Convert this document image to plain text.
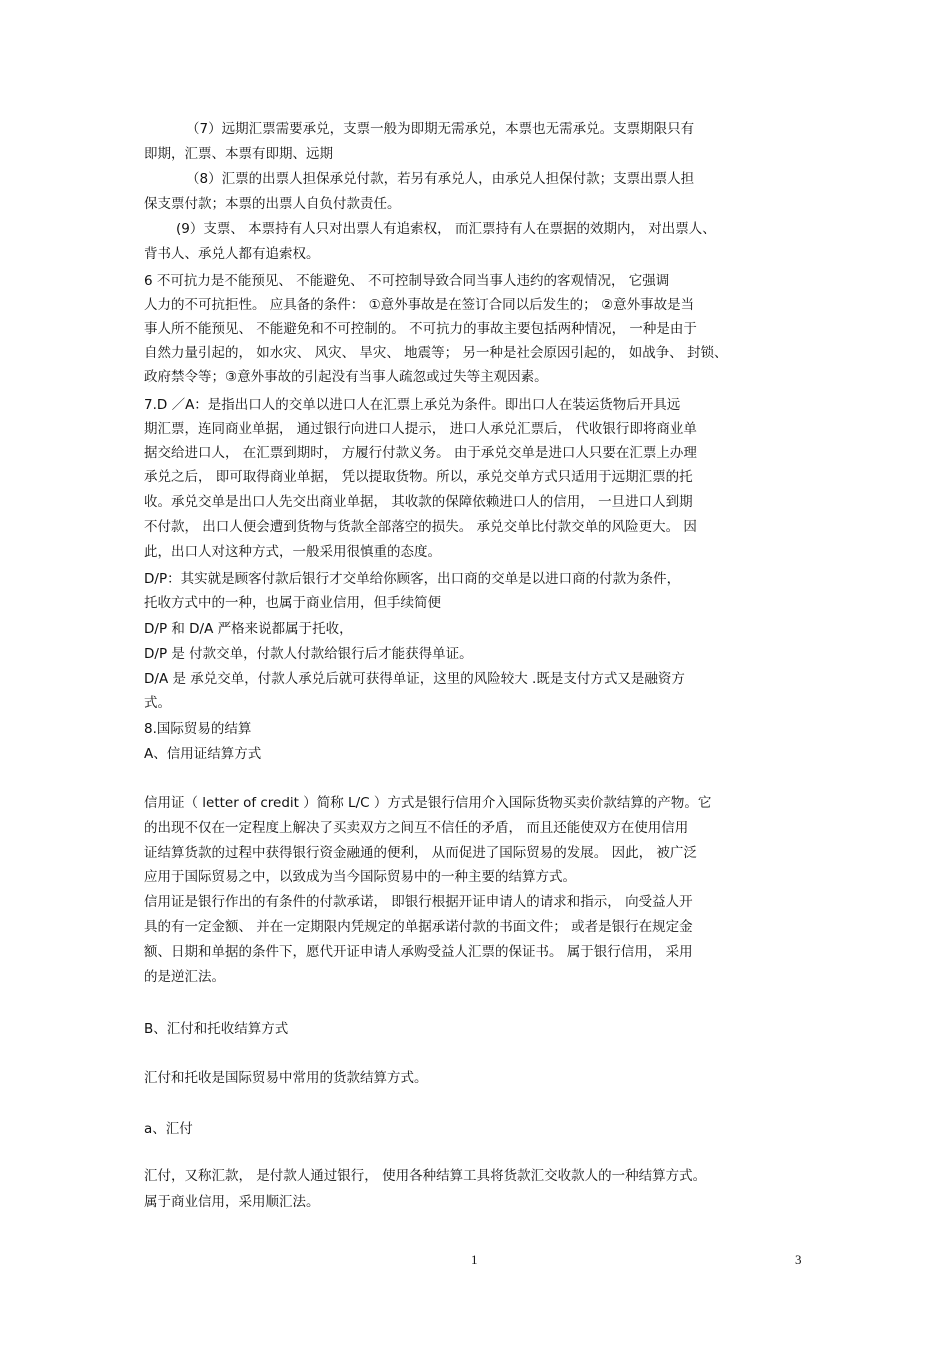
（7）远期汇票需要承兑，支票一般为即期无需承兑，本票也无需承兑。支票期限只有
即期，汇票、本票有即期、远期
（8）汇票的出票人担保承兑付款，若另有承兑人，由承兑人担保付款；支票出票人担
保支票付款；本票的出票人自负付款责任。
(9）支票、 本票持有人只对出票人有追索权， 而汇票持有人在票据的效期内， 对出票人、
背书人、承兑人都有追索权。
6 不可抗力是不能预见、 不能避免、 不可控制导致合同当事人违约的客观情况， 它强调
人力的不可抗拒性。 应具备的条件： ①意外事故是在签订合同以后发生的； ②意外事故是当
事人所不能预见、 不能避免和不可控制的。 不可抗力的事故主要包括两种情况， 一种是由于
自然力量引起的， 如水灾、 风灾、 旱灾、 地震等； 另一种是社会原因引起的， 如战争、 封锁、
政府禁令等；③意外事故的引起没有当事人疏忽或过失等主观因素。
7.D ／A：是指出口人的交单以进口人在汇票上承兑为条件。即出口人在装运货物后开具远
期汇票，连同商业单据， 通过银行向进口人提示， 进口人承兑汇票后， 代收银行即将商业单
据交给进口人， 在汇票到期时， 方履行付款义务。 由于承兑交单是进口人只要在汇票上办理
承兑之后， 即可取得商业单据， 凭以提取货物。所以，承兑交单方式只适用于远期汇票的托
收。承兑交单是出口人先交出商业单据， 其收款的保障依赖进口人的信用， 一旦进口人到期
不付款， 出口人便会遭到货物与货款全部落空的损失。 承兑交单比付款交单的风险更大。 因
此，出口人对这种方式，一般采用很慎重的态度。
D/P：其实就是顾客付款后银行才交单给你顾客，出口商的交单是以进口商的付款为条件，
托收方式中的一种，也属于商业信用，但手续简便
D/P 和 D/A 严格来说都属于托收，
D/P 是 付款交单，付款人付款给银行后才能获得单证。
D/A 是 承兑交单，付款人承兑后就可获得单证，这里的风险较大 .既是支付方式又是融资方
式。
8.国际贸易的结算
A、信用证结算方式
信用证（ letter of credit ）简称 L/C ）方式是银行信用介入国际货物买卖价款结算的产物。它
的出现不仅在一定程度上解决了买卖双方之间互不信任的矛盾， 而且还能使双方在使用信用
证结算货款的过程中获得银行资金融通的便利， 从而促进了国际贸易的发展。 因此， 被广泛
应用于国际贸易之中，以致成为当今国际贸易中的一种主要的结算方式。
信用证是银行作出的有条件的付款承诺， 即银行根据开证申请人的请求和指示， 向受益人开
具的有一定金额、 并在一定期限内凭规定的单据承诺付款的书面文件； 或者是银行在规定金
额、日期和单据的条件下，愿代开证申请人承购受益人汇票的保证书。 属于银行信用， 采用
的是逆汇法。
B、汇付和托收结算方式
汇付和托收是国际贸易中常用的货款结算方式。
a、汇付
汇付，又称汇款， 是付款人通过银行， 使用各种结算工具将货款汇交收款人的一种结算方式。
属于商业信用，采用顺汇法。
1	3
